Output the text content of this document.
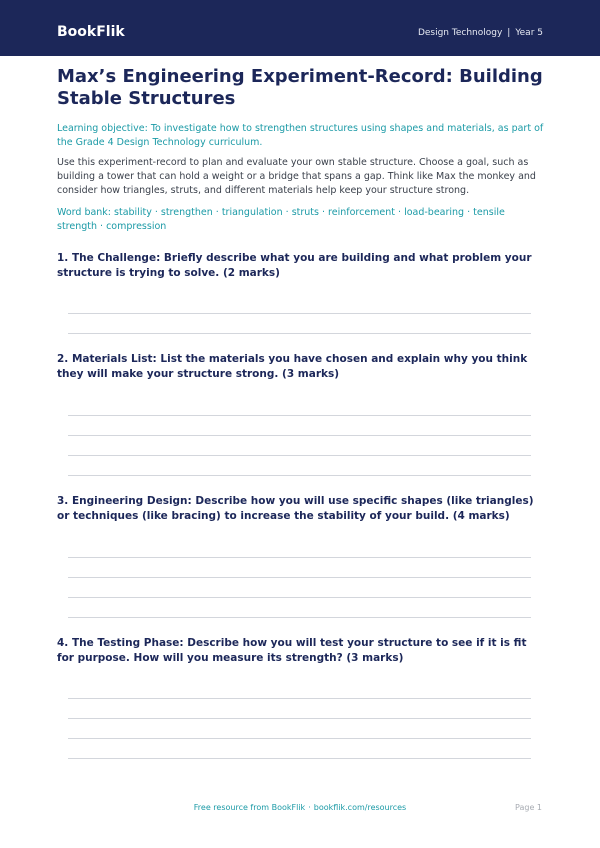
BookFlik	Design Technology | Year 5
Max’s Engineering Experiment-Record: Building Stable Structures

Learning objective: To investigate how to strengthen structures using shapes and materials, as part of the Grade 4 Design Technology curriculum.

Use this experiment-record to plan and evaluate your own stable structure. Choose a goal, such as building a tower that can hold a weight or a bridge that spans a gap. Think like Max the monkey and consider how triangles, struts, and different materials help keep your structure strong.

Word bank: stability · strengthen · triangulation · struts · reinforcement · load-bearing · tensile strength · compression

1. The Challenge: Briefly describe what you are building and what problem your structure is trying to solve. (2 marks)

2. Materials List: List the materials you have chosen and explain why you think they will make your structure strong. (3 marks)

3. Engineering Design: Describe how you will use specific shapes (like triangles) or techniques (like bracing) to increase the stability of your build. (4 marks)

4. The Testing Phase: Describe how you will test your structure to see if it is fit for purpose. How will you measure its strength? (3 marks)

Free resource from BookFlik · bookflik.com/resources	Page 1
